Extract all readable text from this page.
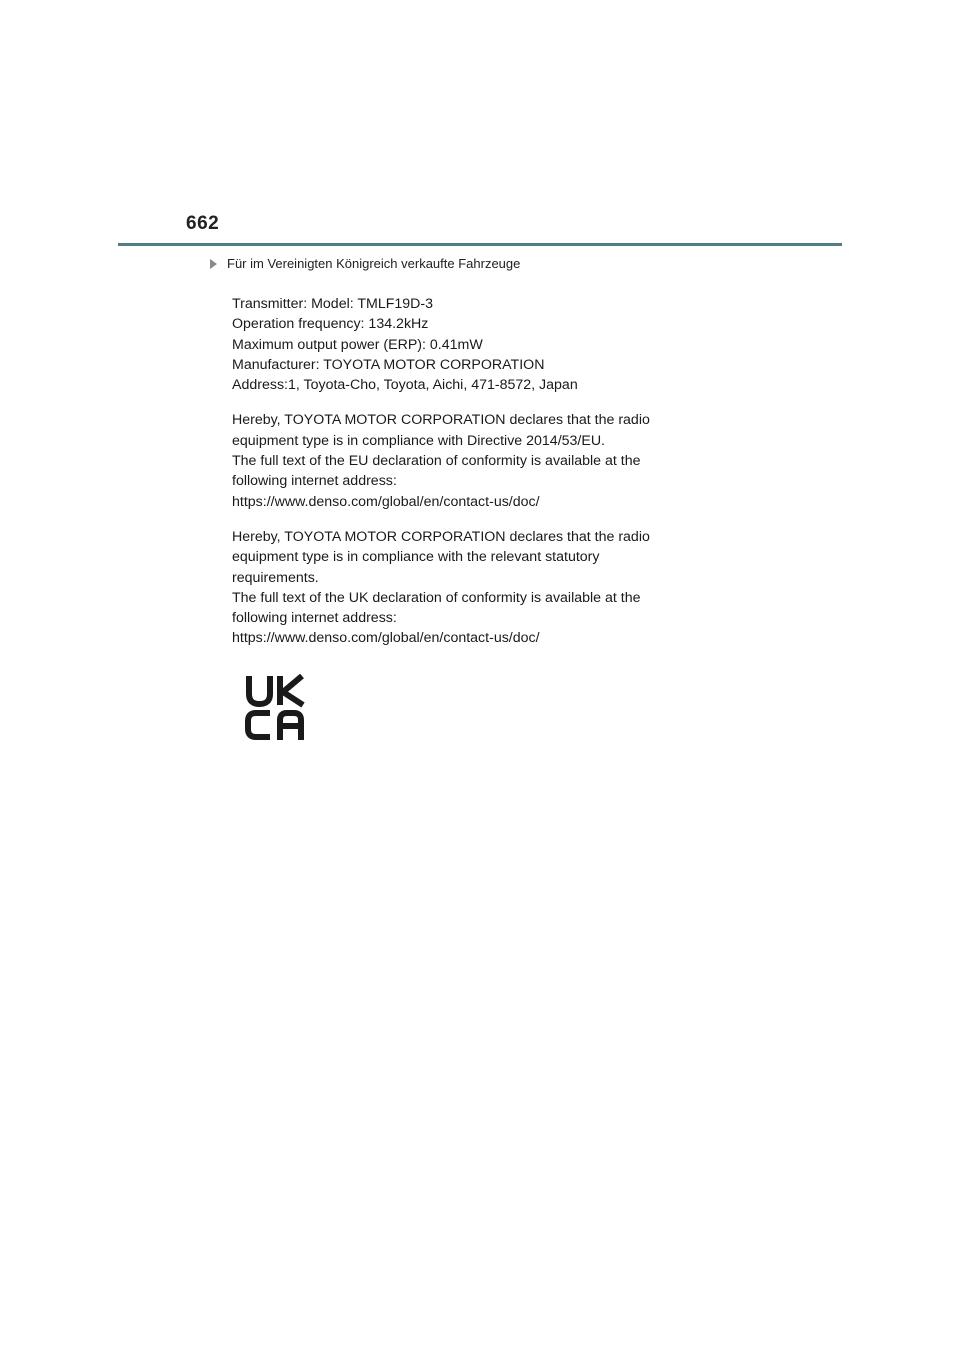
662
Für im Vereinigten Königreich verkaufte Fahrzeuge

Transmitter: Model: TMLF19D-3
Operation frequency: 134.2kHz
Maximum output power (ERP): 0.41mW
Manufacturer: TOYOTA MOTOR CORPORATION
Address:1, Toyota-Cho, Toyota, Aichi, 471-8572, Japan

Hereby, TOYOTA MOTOR CORPORATION declares that the radio
equipment type is in compliance with Directive 2014/53/EU.
The full text of the EU declaration of conformity is available at the
following internet address:
https://www.denso.com/global/en/contact-us/doc/

Hereby, TOYOTA MOTOR CORPORATION declares that the radio
equipment type is in compliance with the relevant statutory
requirements.
The full text of the UK declaration of conformity is available at the
following internet address:
https://www.denso.com/global/en/contact-us/doc/
